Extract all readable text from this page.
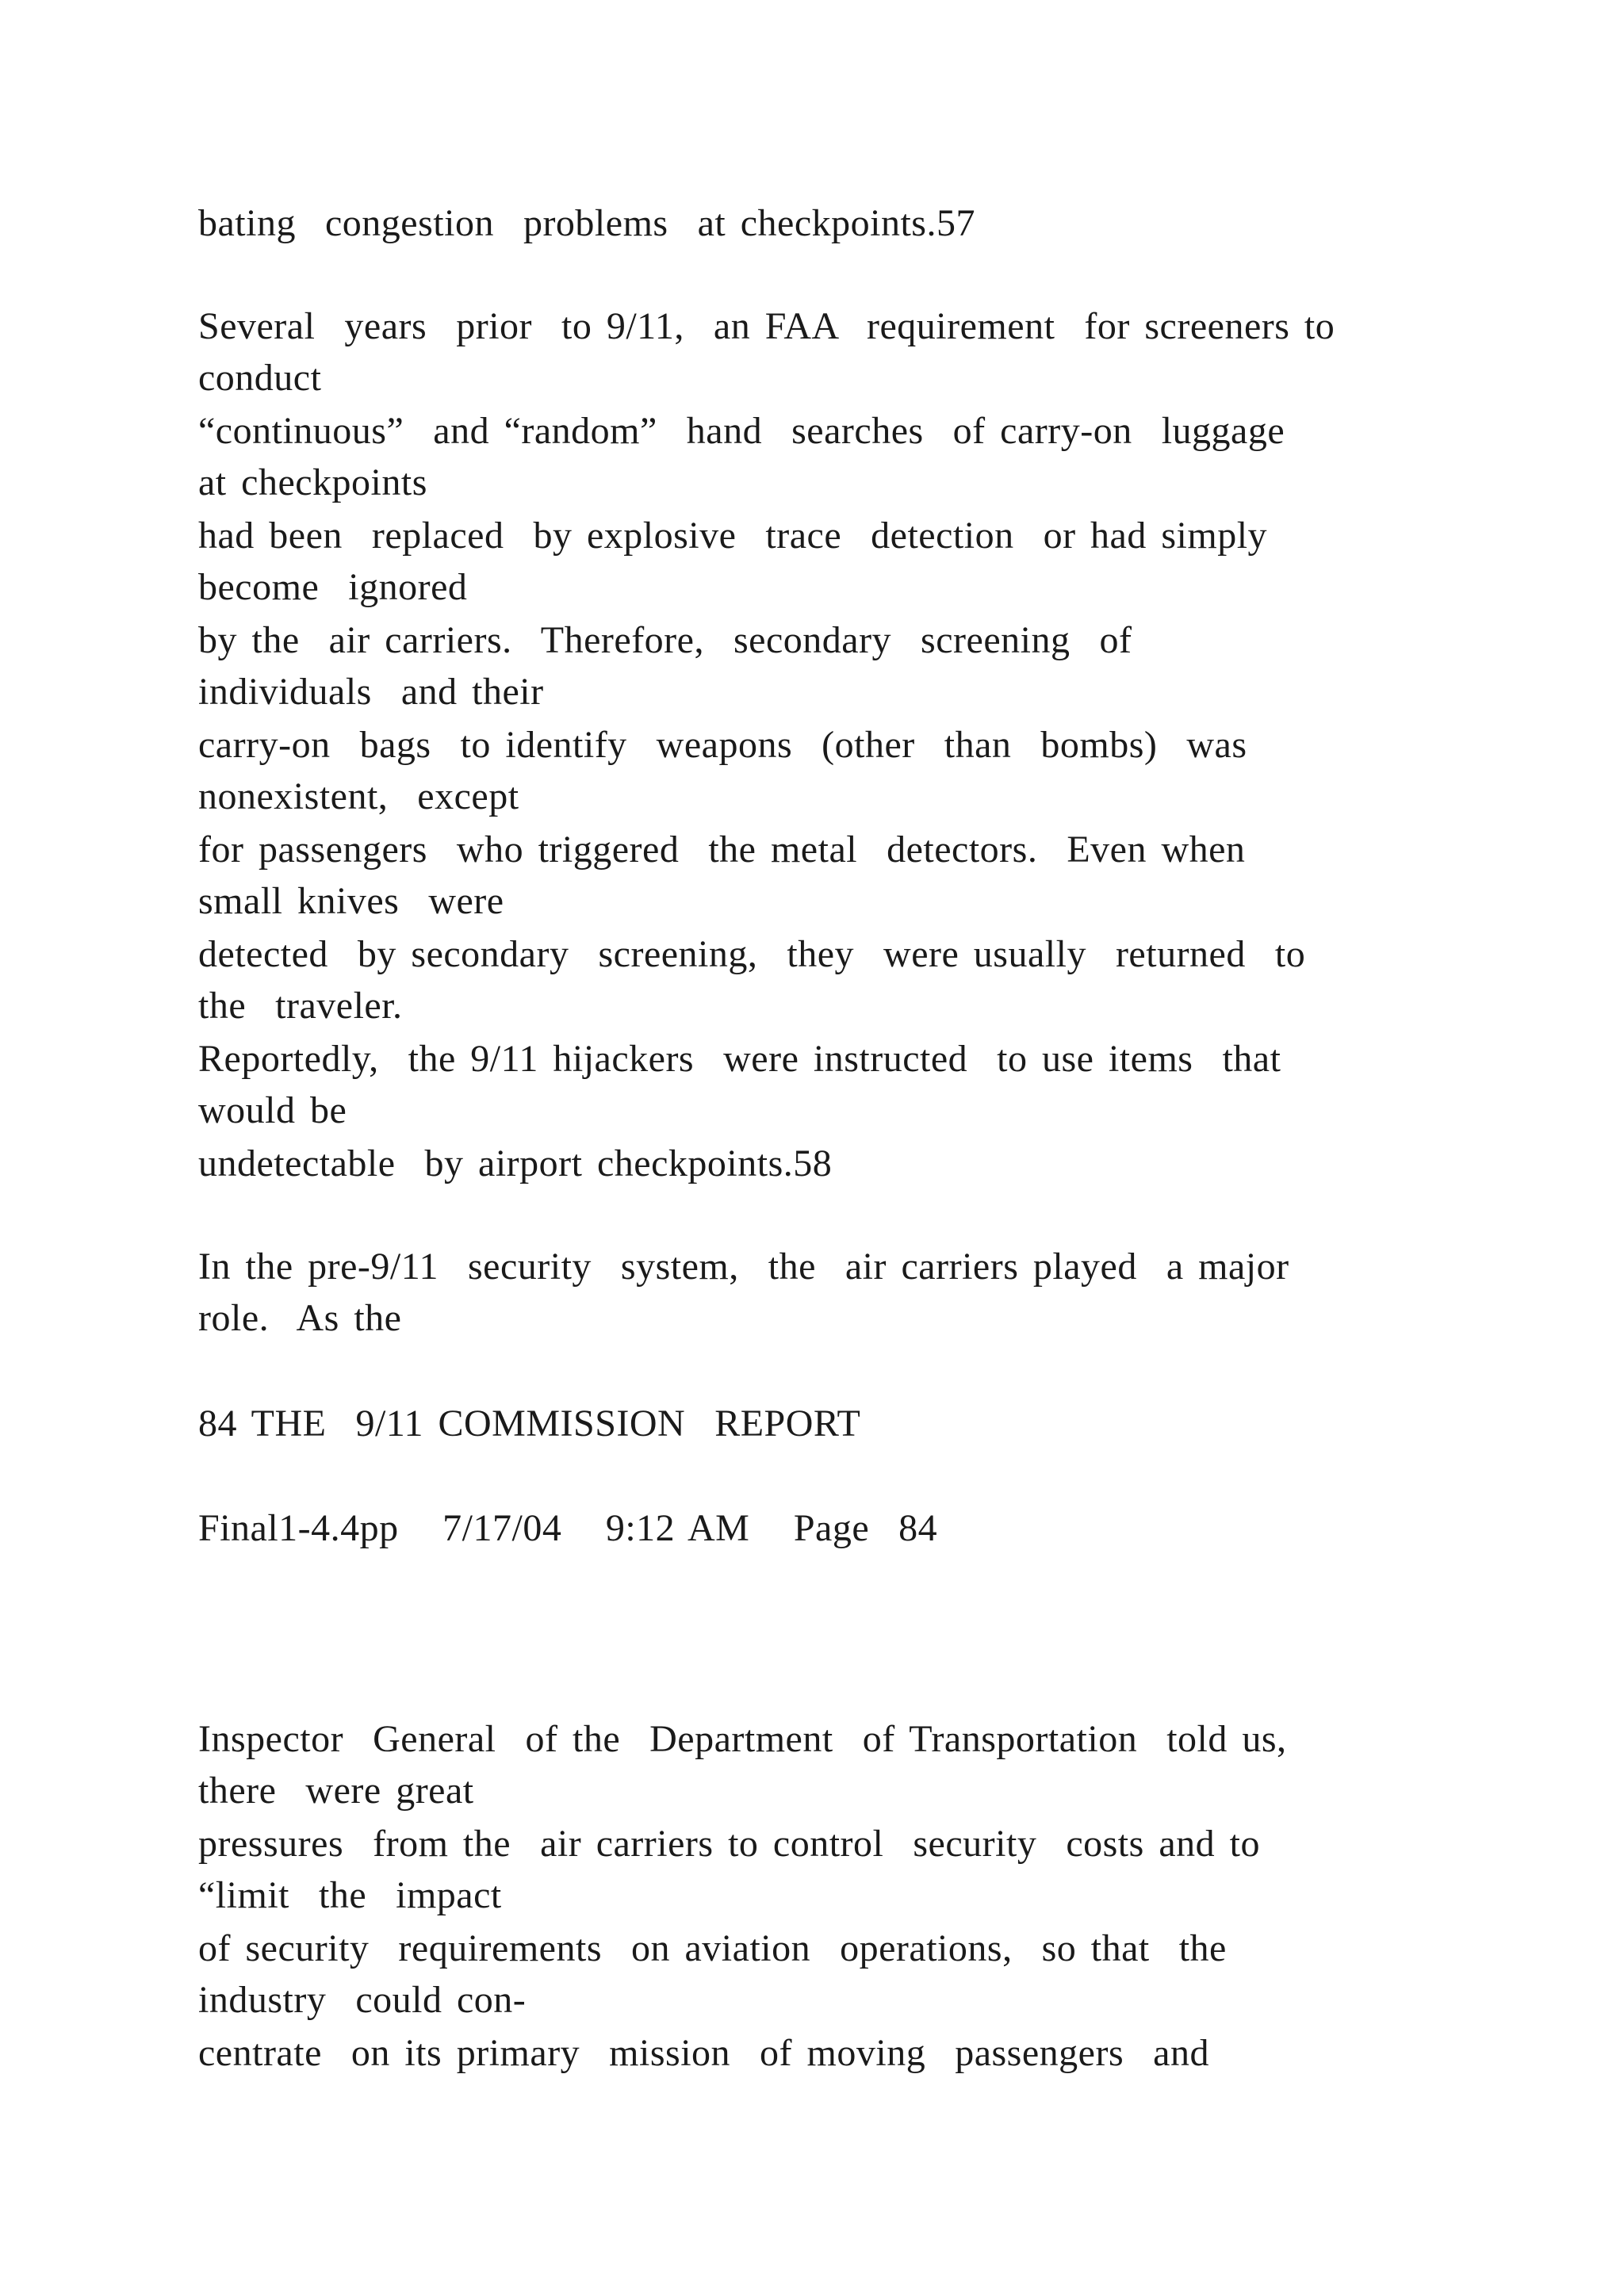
bating  congestion  problems  at checkpoints.57

Several  years  prior  to 9/11,  an FAA  requirement  for screeners to

conduct

“continuous”  and “random”  hand  searches  of carry-on  luggage

at checkpoints

had been  replaced  by explosive  trace  detection  or had simply

become  ignored

by the  air carriers.  Therefore,  secondary  screening  of

individuals  and their

carry-on  bags  to identify  weapons  (other  than  bombs)  was

nonexistent,  except

for passengers  who triggered  the metal  detectors.  Even when

small knives  were

detected  by secondary  screening,  they  were usually  returned  to

the  traveler.

Reportedly,  the 9/11 hijackers  were instructed  to use items  that

would be

undetectable  by airport checkpoints.58

In the pre-9/11  security  system,  the  air carriers played  a major

role.  As the

84 THE  9/11 COMMISSION  REPORT

Final1-4.4pp   7/17/04   9:12 AM   Page  84

Inspector  General  of the  Department  of Transportation  told us,

there  were great

pressures  from the  air carriers to control  security  costs and to

“limit  the  impact

of security  requirements  on aviation  operations,  so that  the

industry  could con-

centrate  on its primary  mission  of moving  passengers  and
